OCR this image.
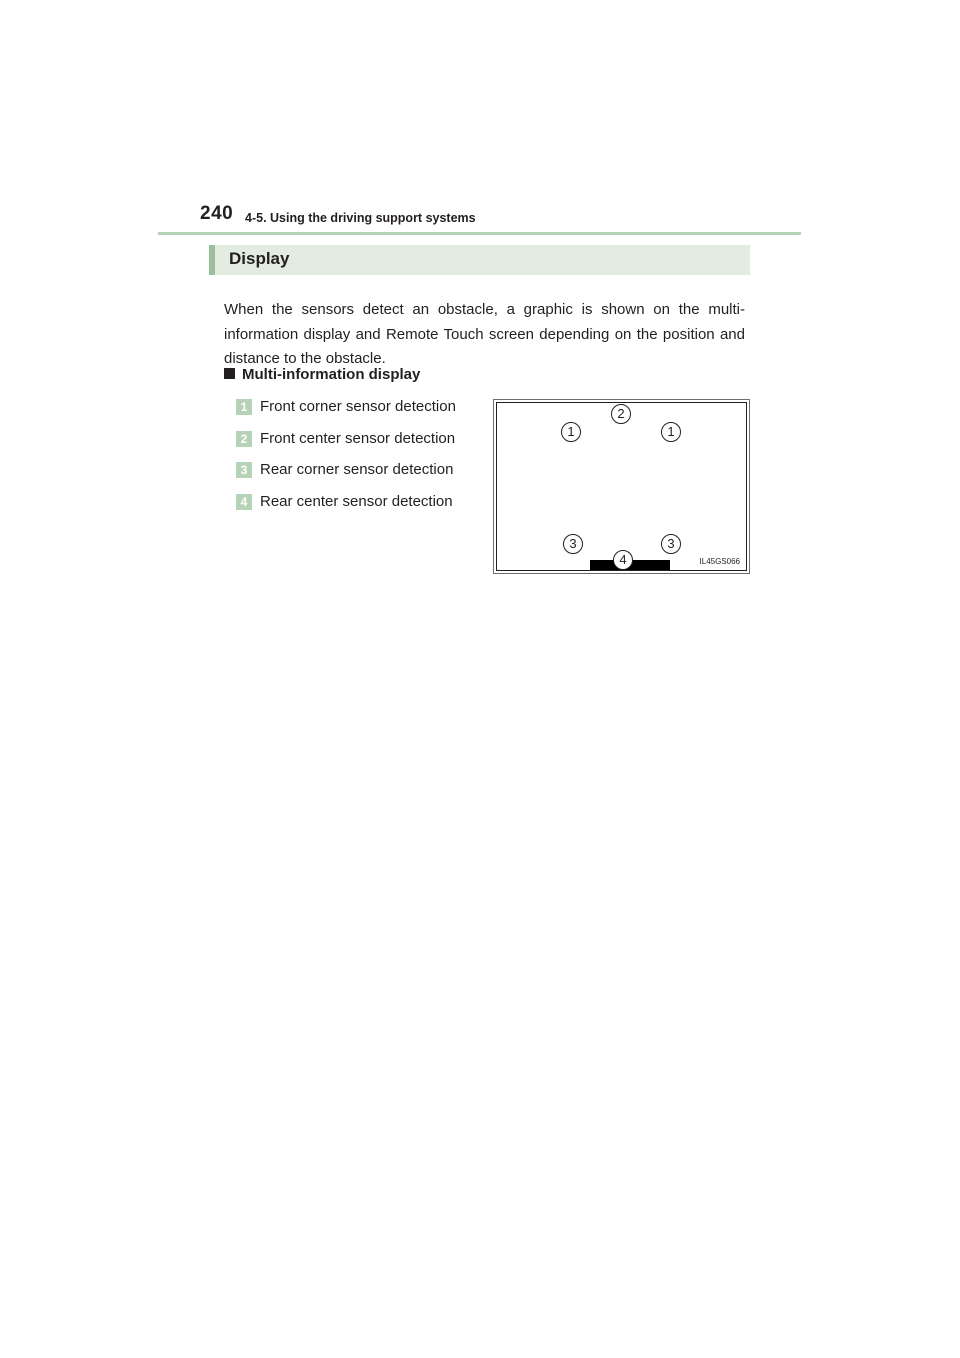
240 4-5. Using the driving support systems
Display

When the sensors detect an obstacle, a graphic is shown on the multi-information display and Remote Touch screen depending on the position and distance to the obstacle.

Multi-information display
1 Front corner sensor detection
2 Front center sensor detection
3 Rear corner sensor detection
4 Rear center sensor detection
1
2
1
3
4
3
IL45GS066
